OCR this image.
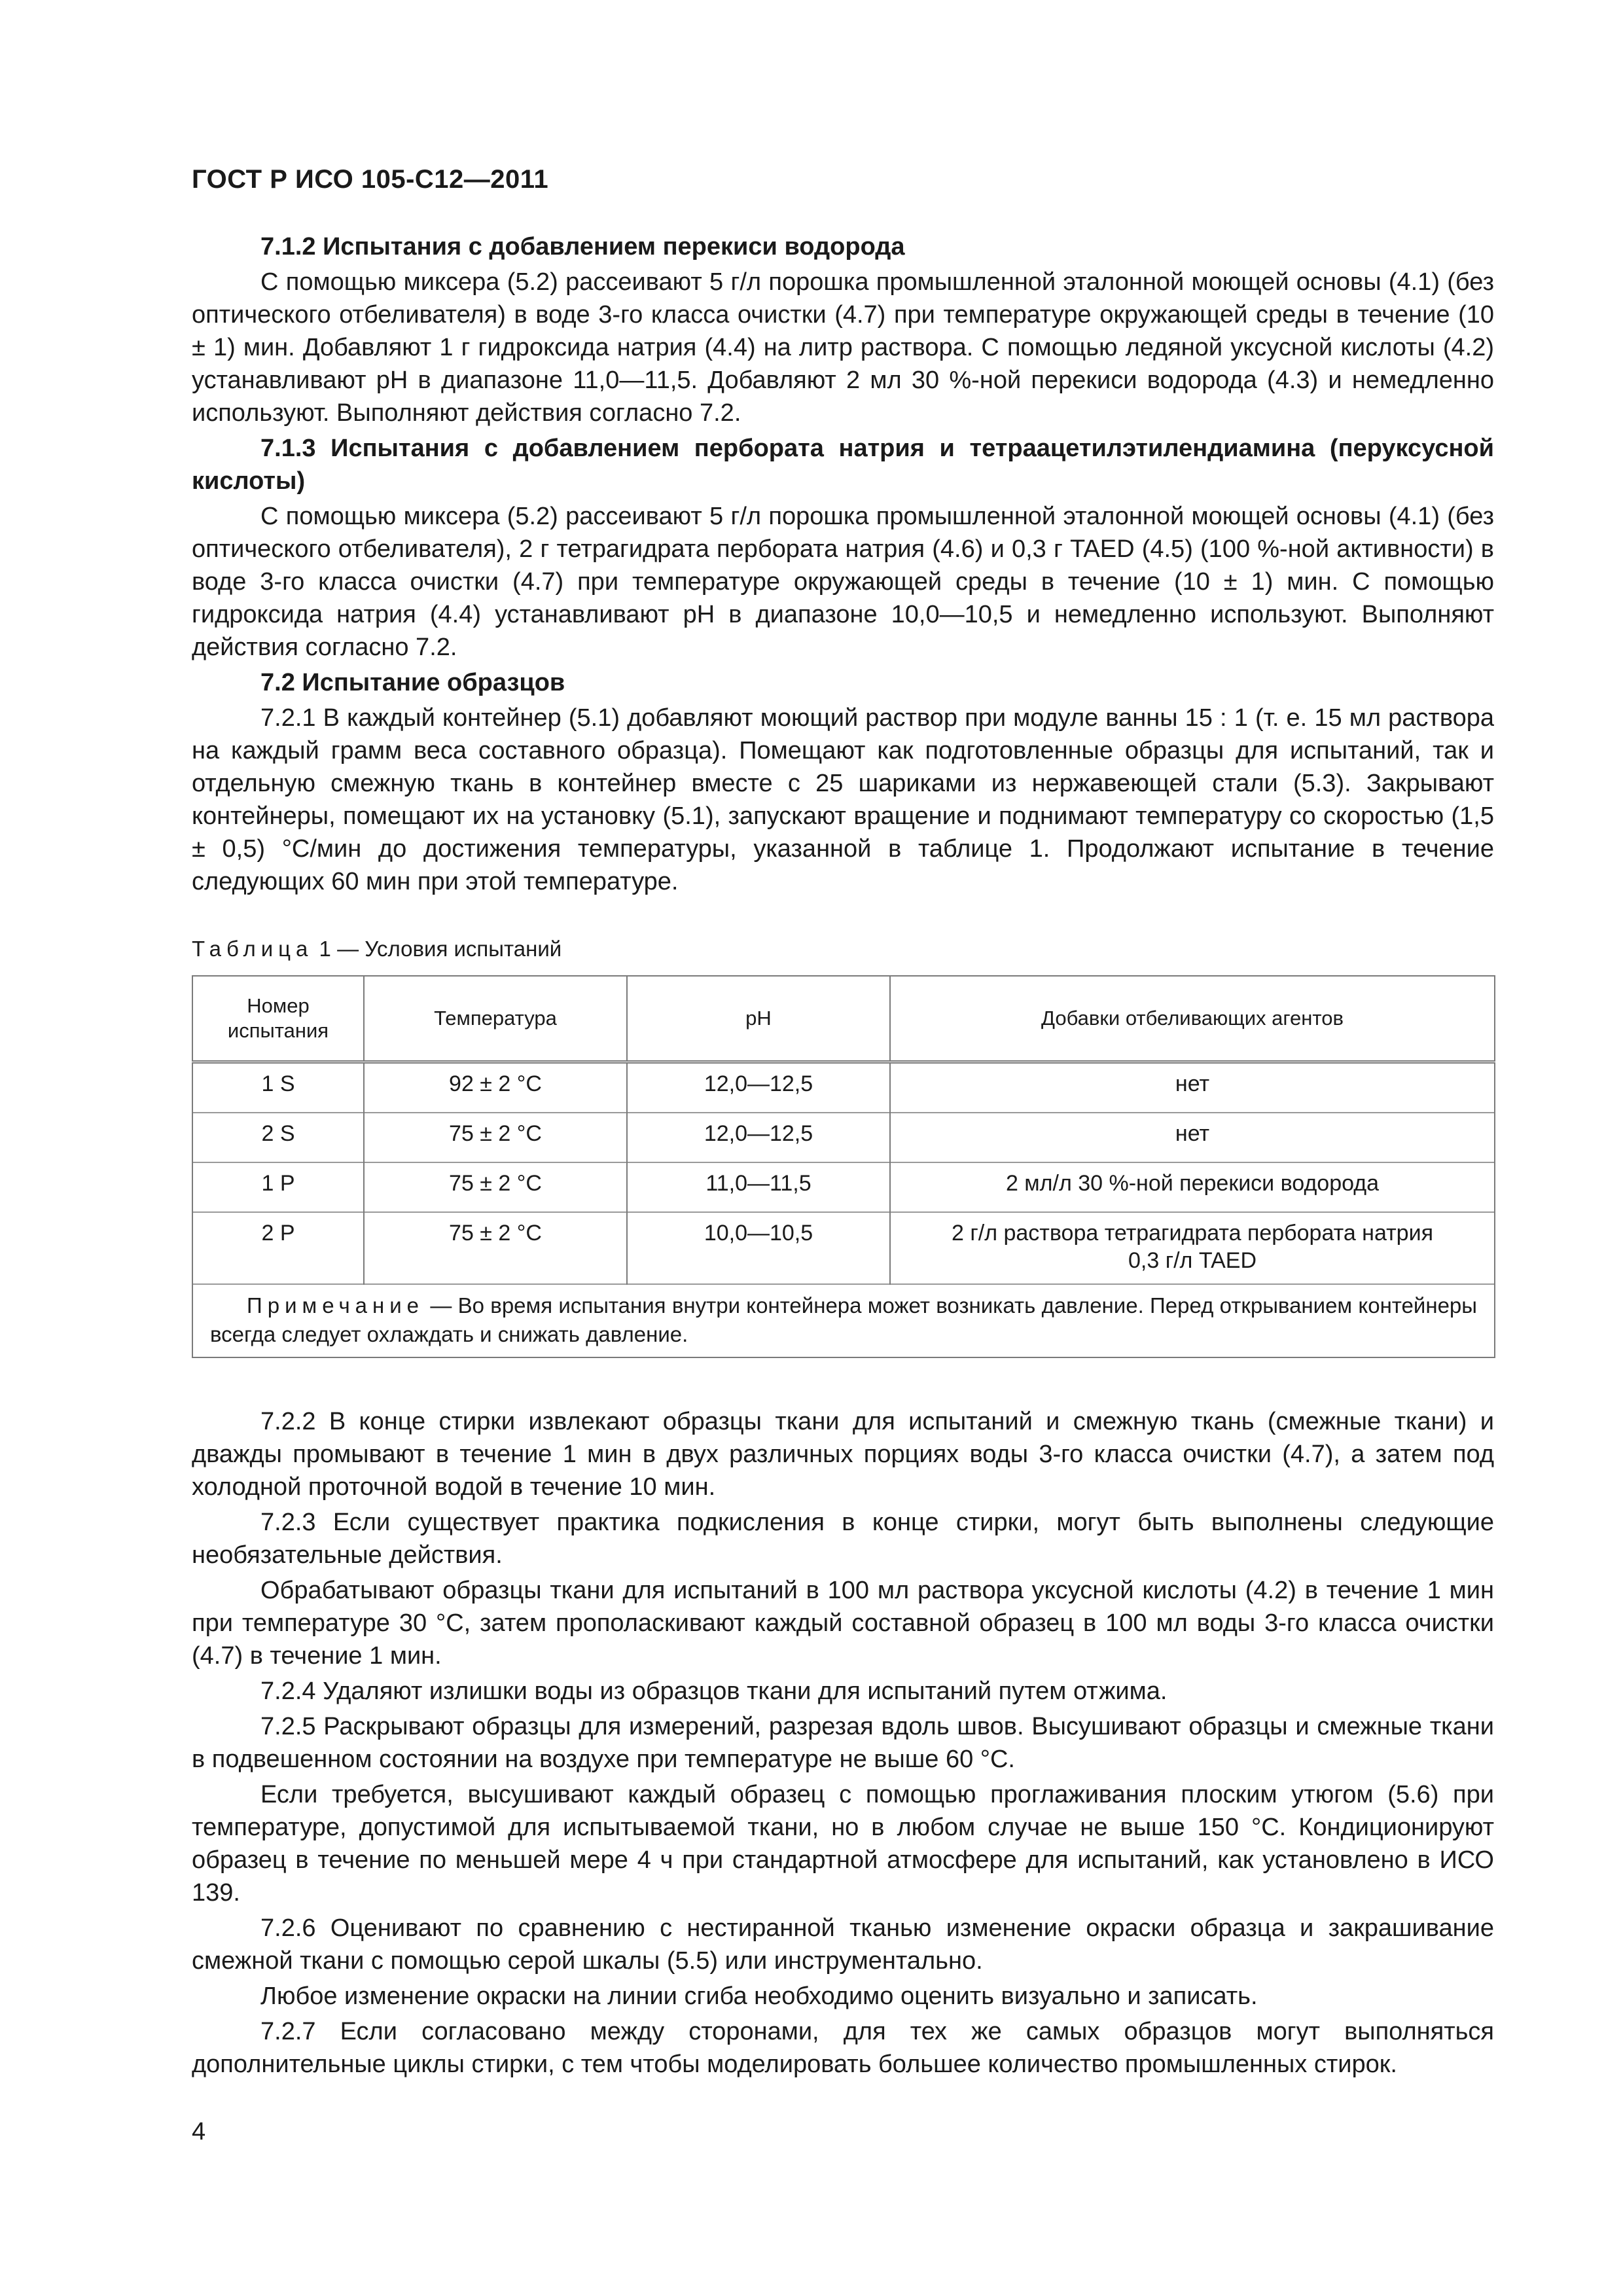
ГОСТ Р ИСО 105-С12—2011

7.1.2 Испытания с добавлением перекиси водорода

С помощью миксера (5.2) рассеивают 5 г/л порошка промышленной эталонной моющей основы (4.1) (без оптического отбеливателя) в воде 3-го класса очистки (4.7) при температуре окружающей среды в течение (10 ± 1) мин. Добавляют 1 г гидроксида натрия (4.4) на литр раствора. С помощью ледяной уксусной кислоты (4.2) устанавливают pH в диапазоне 11,0—11,5. Добавляют 2 мл 30 %-ной перекиси водорода (4.3) и немедленно используют. Выполняют действия согласно 7.2.

7.1.3 Испытания с добавлением пербората натрия и тетраацетилэтилендиамина (перуксусной кислоты)

С помощью миксера (5.2) рассеивают 5 г/л порошка промышленной эталонной моющей основы (4.1) (без оптического отбеливателя), 2 г тетрагидрата пербората натрия (4.6) и 0,3 г TAED (4.5) (100 %-ной активности) в воде 3-го класса очистки (4.7) при температуре окружающей среды в течение (10 ± 1) мин. С помощью гидроксида натрия (4.4) устанавливают pH в диапазоне 10,0—10,5 и немедленно используют. Выполняют действия согласно 7.2.

7.2 Испытание образцов

7.2.1 В каждый контейнер (5.1) добавляют моющий раствор при модуле ванны 15 : 1 (т. е. 15 мл раствора на каждый грамм веса составного образца). Помещают как подготовленные образцы для испытаний, так и отдельную смежную ткань в контейнер вместе с 25 шариками из нержавеющей стали (5.3). Закрывают контейнеры, помещают их на установку (5.1), запускают вращение и поднимают температуру со скоростью (1,5 ± 0,5) °С/мин до достижения температуры, указанной в таблице 1. Продолжают испытание в течение следующих 60 мин при этой температуре.

Таблица 1 — Условия испытаний
Номер испытания	Температура	pH	Добавки отбеливающих агентов
1 S	92 ± 2 °С	12,0—12,5	нет
2 S	75 ± 2 °С	12,0—12,5	нет
1 P	75 ± 2 °С	11,0—11,5	2 мл/л 30 %-ной перекиси водорода
2 P	75 ± 2 °С	10,0—10,5	2 г/л раствора тетрагидрата пербората натрия
0,3 г/л TAED

Примечание — Во время испытания внутри контейнера может возникать давление. Перед открыванием контейнеры всегда следует охлаждать и снижать давление.			

7.2.2 В конце стирки извлекают образцы ткани для испытаний и смежную ткань (смежные ткани) и дважды промывают в течение 1 мин в двух различных порциях воды 3-го класса очистки (4.7), а затем под холодной проточной водой в течение 10 мин.

7.2.3 Если существует практика подкисления в конце стирки, могут быть выполнены следующие необязательные действия.

Обрабатывают образцы ткани для испытаний в 100 мл раствора уксусной кислоты (4.2) в течение 1 мин при температуре 30 °С, затем прополаскивают каждый составной образец в 100 мл воды 3-го класса очистки (4.7) в течение 1 мин.

7.2.4 Удаляют излишки воды из образцов ткани для испытаний путем отжима.

7.2.5 Раскрывают образцы для измерений, разрезая вдоль швов. Высушивают образцы и смежные ткани в подвешенном состоянии на воздухе при температуре не выше 60 °С.

Если требуется, высушивают каждый образец с помощью проглаживания плоским утюгом (5.6) при температуре, допустимой для испытываемой ткани, но в любом случае не выше 150 °С. Кондиционируют образец в течение по меньшей мере 4 ч при стандартной атмосфере для испытаний, как установлено в ИСО 139.

7.2.6 Оценивают по сравнению с нестиранной тканью изменение окраски образца и закрашивание смежной ткани с помощью серой шкалы (5.5) или инструментально.

Любое изменение окраски на линии сгиба необходимо оценить визуально и записать.

7.2.7 Если согласовано между сторонами, для тех же самых образцов могут выполняться дополнительные циклы стирки, с тем чтобы моделировать большее количество промышленных стирок.

4
